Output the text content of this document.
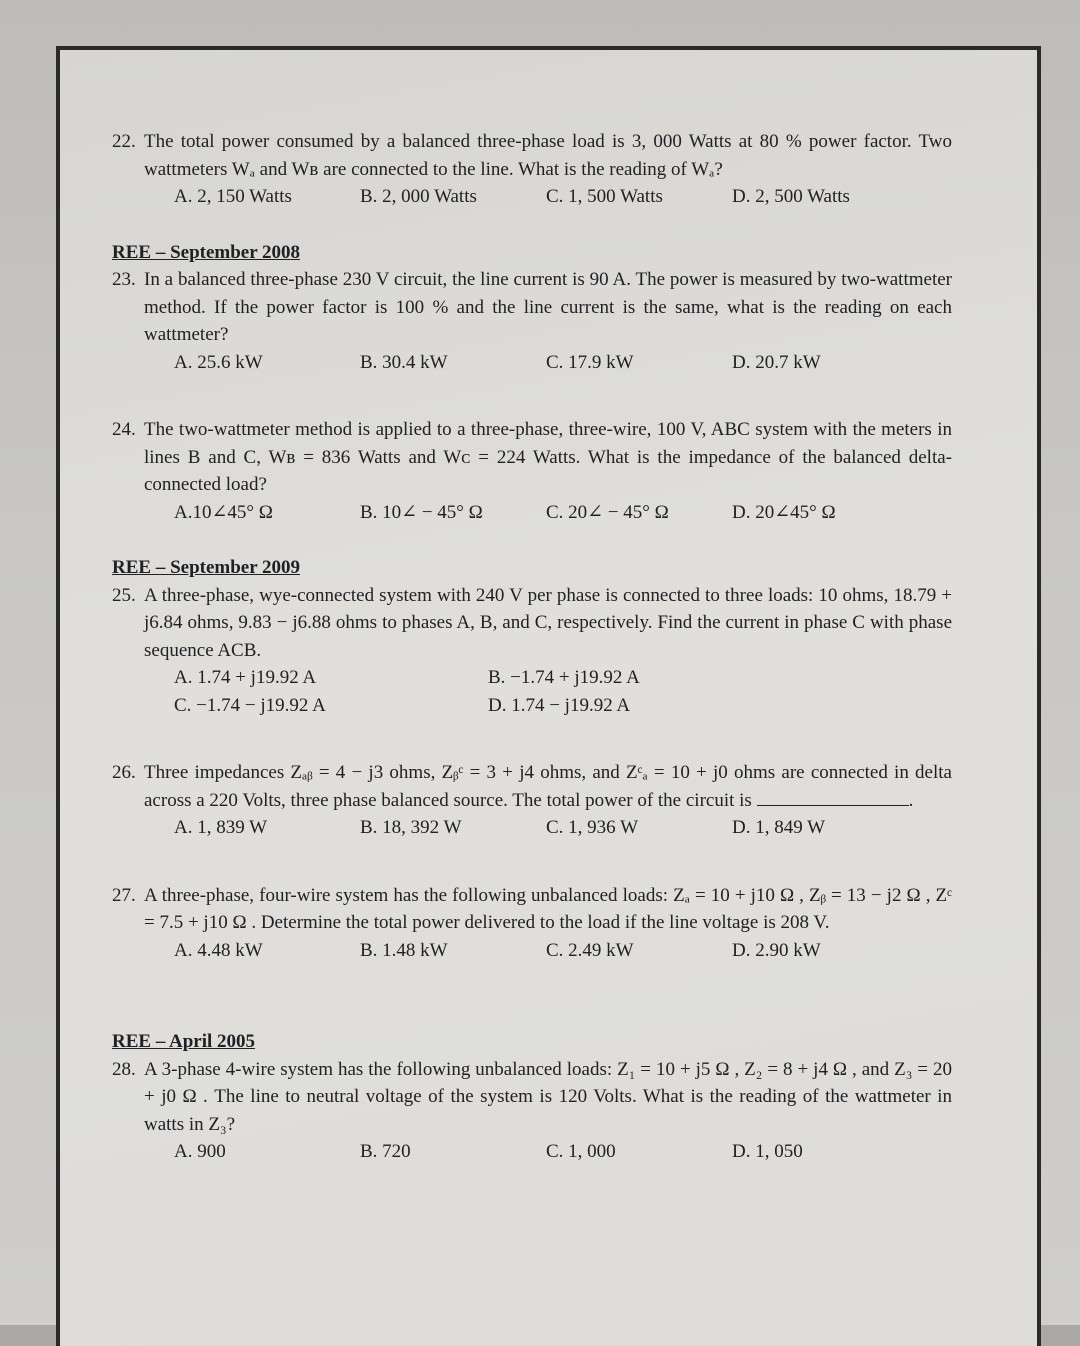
22. The total power consumed by a balanced three-phase load is 3, 000 Watts at 80 % power factor. Two wattmeters Wₐ and Wʙ are connected to the line. What is the reading of Wₐ?
A. 2, 150 Watts	B. 2, 000 Watts	C. 1, 500 Watts	D. 2, 500 Watts

REE – September 2008

23. In a balanced three-phase 230 V circuit, the line current is 90 A. The power is measured by two-wattmeter method. If the power factor is 100 % and the line current is the same, what is the reading on each wattmeter?
A. 25.6 kW	B. 30.4 kW	C. 17.9 kW	D. 20.7 kW
24. The two-wattmeter method is applied to a three-phase, three-wire, 100 V, ABC system with the meters in lines B and C, Wʙ = 836 Watts and Wᴄ = 224 Watts. What is the impedance of the balanced delta-connected load?
A.10∠45° Ω	B. 10∠ − 45° Ω	C. 20∠ − 45° Ω	D. 20∠45° Ω

REE – September 2009

25. A three-phase, wye-connected system with 240 V per phase is connected to three loads: 10 ohms, 18.79 + j6.84 ohms, 9.83 − j6.88 ohms to phases A, B, and C, respectively. Find the current in phase C with phase sequence ACB.
A. 1.74 + j19.92 A	B. −1.74 + j19.92 A
C. −1.74 − j19.92 A	D. 1.74 − j19.92 A
26. Three impedances Zₐᵦ = 4 − j3 ohms, Zᵦᶜ = 3 + j4 ohms, and Zᶜₐ = 10 + j0 ohms are connected in delta across a 220 Volts, three phase balanced source. The total power of the circuit is	.
A. 1, 839 W	B. 18, 392 W	C. 1, 936 W	D. 1, 849 W
27. A three-phase, four-wire system has the following unbalanced loads: Zₐ = 10 + j10 Ω , Zᵦ = 13 − j2 Ω , Zᶜ = 7.5 + j10 Ω . Determine the total power delivered to the load if the line voltage is 208 V.
A. 4.48 kW	B. 1.48 kW	C. 2.49 kW	D. 2.90 kW

REE – April 2005

28. A 3-phase 4-wire system has the following unbalanced loads: Z₁ = 10 + j5 Ω , Z₂ = 8 + j4 Ω , and Z₃ = 20 + j0 Ω . The line to neutral voltage of the system is 120 Volts. What is the reading of the wattmeter in watts in Z₃?
A. 900	B. 720	C. 1, 000	D. 1, 050
